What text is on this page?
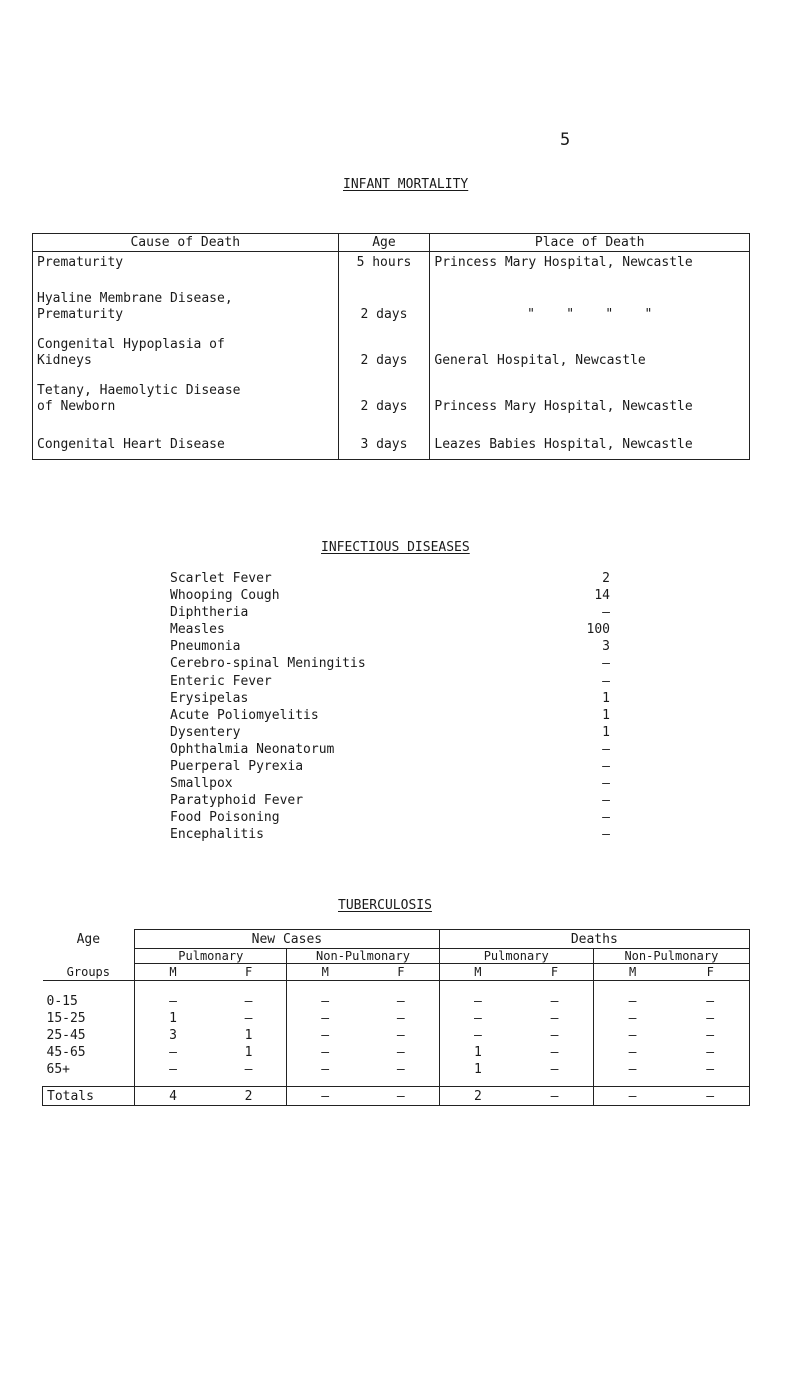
5
INFANT MORTALITY
Cause of Death	Age	Place of Death
Prematurity	5 hours	Princess Mary Hospital, Newcastle

Hyaline Membrane Disease,
Prematurity	2 days	"    "    "    "

Congenital Hypoplasia of
Kidneys	2 days	General Hospital, Newcastle

Tetany, Haemolytic Disease
of Newborn	2 days	Princess Mary Hospital, Newcastle

Congenital Heart Disease	3 days	Leazes Babies Hospital, Newcastle
INFECTIOUS DISEASES
Scarlet Fever	2
Whooping Cough	14
Diphtheria	–
Measles	100
Pneumonia	3
Cerebro-spinal Meningitis	–
Enteric Fever	–
Erysipelas	1
Acute Poliomyelitis	1
Dysentery	1
Ophthalmia Neonatorum	–
Puerperal Pyrexia	–
Smallpox	–
Paratyphoid Fever	–
Food Poisoning	–
Encephalitis	–
TUBERCULOSIS
Age	New Cases				Deaths			
	Pulmonary		Non-Pulmonary		Pulmonary		Non-Pulmonary	
Groups	M	F	M	F	M	F	M	F
0-15	–	–	–	–	–	–	–	–
15-25	1	–	–	–	–	–	–	–
25-45	3	1	–	–	–	–	–	–
45-65	–	1	–	–	1	–	–	–
65+	–	–	–	–	1	–	–	–
Totals	4	2	–	–	2	–	–	–
